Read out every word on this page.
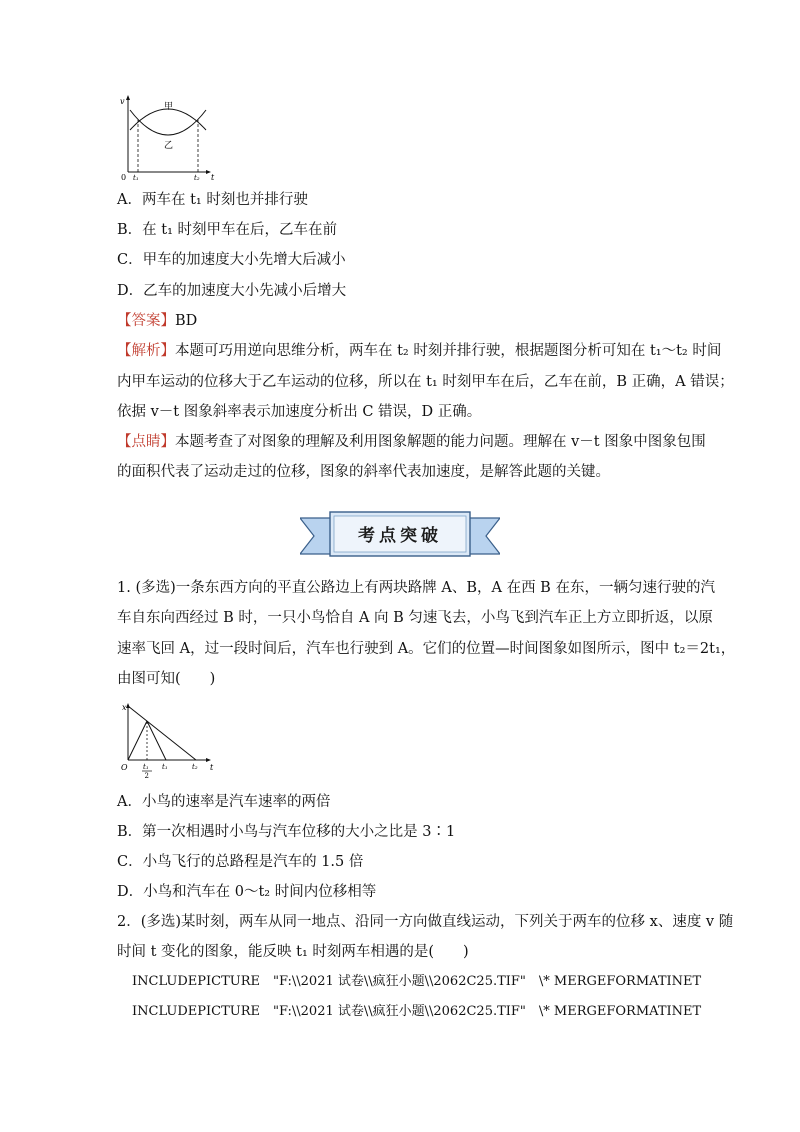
v
0	t
t₁	t₂
甲
乙
A．两车在 t₁ 时刻也并排行驶
B．在 t₁ 时刻甲车在后，乙车在前
C．甲车的加速度大小先增大后减小
D．乙车的加速度大小先减小后增大
【答案】BD
【解析】本题可巧用逆向思维分析，两车在 t₂ 时刻并排行驶，根据题图分析可知在 t₁～t₂ 时间
内甲车运动的位移大于乙车运动的位移，所以在 t₁ 时刻甲车在后，乙车在前，B 正确，A 错误；
依据 v－t 图象斜率表示加速度分析出 C 错误，D 正确。
【点睛】本题考查了对图象的理解及利用图象解题的能力问题。理解在 v－t 图象中图象包围
的面积代表了运动走过的位移，图象的斜率代表加速度，是解答此题的关键。
考点突破
1. (多选)一条东西方向的平直公路边上有两块路牌 A、B，A 在西 B 在东，一辆匀速行驶的汽
车自东向西经过 B 时，一只小鸟恰自 A 向 B 匀速飞去，小鸟飞到汽车正上方立即折返，以原
速率飞回 A，过一段时间后，汽车也行驶到 A。它们的位置—时间图象如图所示，图中 t₂＝2t₁，
由图可知(　　)
x
O	t
t₁
2
t₁	t₂
A．小鸟的速率是汽车速率的两倍
B．第一次相遇时小鸟与汽车位移的大小之比是 3∶1
C．小鸟飞行的总路程是汽车的 1.5 倍
D．小鸟和汽车在 0～t₂ 时间内位移相等
2．(多选)某时刻，两车从同一地点、沿同一方向做直线运动，下列关于两车的位移 x、速度 v 随
时间 t 变化的图象，能反映 t₁ 时刻两车相遇的是(　　)
INCLUDEPICTURE　"F:\\2021 试卷\\疯狂小题\\2062C25.TIF"　\* MERGEFORMATINET
INCLUDEPICTURE　"F:\\2021 试卷\\疯狂小题\\2062C25.TIF"　\* MERGEFORMATINET
